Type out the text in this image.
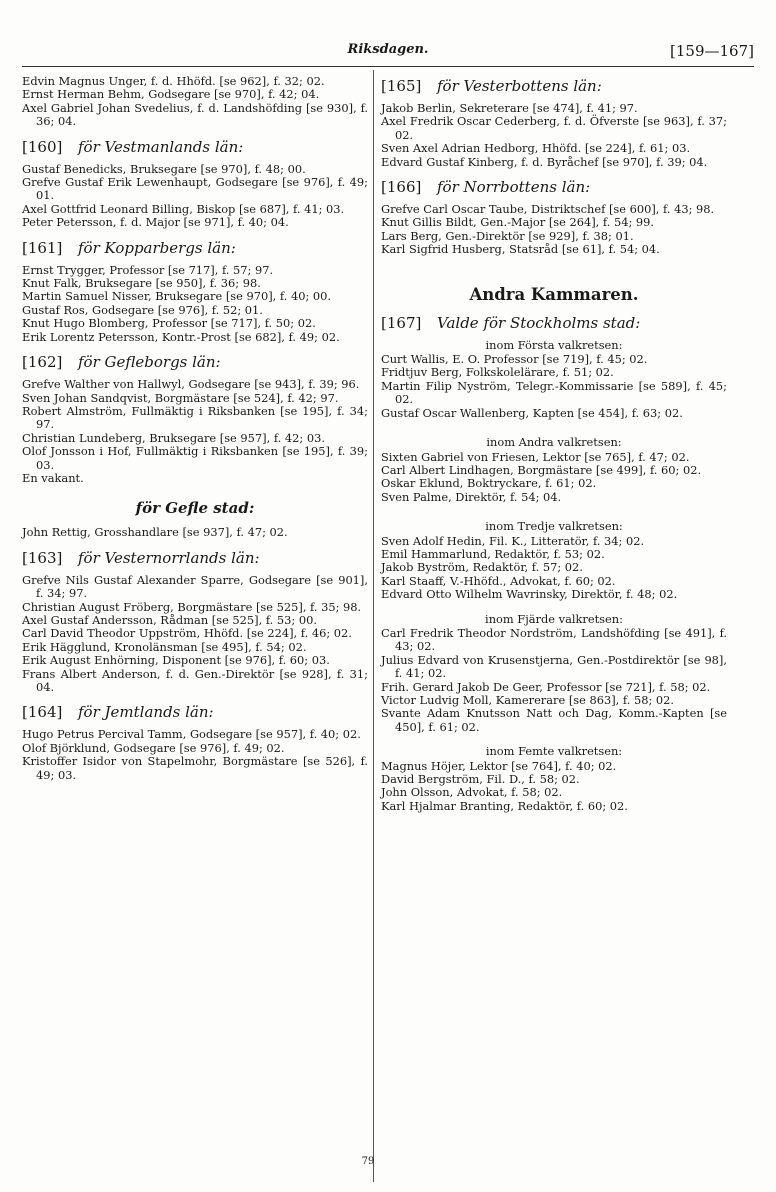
Riksdagen.	[159—167]
Edvin Magnus Unger, f. d. Hhöfd. [se 962], f. 32; 02.
Ernst Herman Behm, Godsegare [se 970], f. 42; 04.
Axel Gabriel Johan Svedelius, f. d. Landshöfding [se 930], f. 36; 04.
[160]	för Vestmanlands län:
Gustaf Benedicks, Bruksegare [se 970], f. 48; 00.
Grefve Gustaf Erik Lewenhaupt, Godsegare [se 976], f. 49; 01.
Axel Gottfrid Leonard Billing, Biskop [se 687], f. 41; 03.
Peter Petersson, f. d. Major [se 971], f. 40; 04.
[161]	för Kopparbergs län:
Ernst Trygger, Professor [se 717], f. 57; 97.
Knut Falk, Bruksegare [se 950], f. 36; 98.
Martin Samuel Nisser, Bruksegare [se 970], f. 40; 00.
Gustaf Ros, Godsegare [se 976], f. 52; 01.
Knut Hugo Blomberg, Professor [se 717], f. 50; 02.
Erik Lorentz Petersson, Kontr.-Prost [se 682], f. 49; 02.
[162]	för Gefleborgs län:
Grefve Walther von Hallwyl, Godsegare [se 943], f. 39; 96.
Sven Johan Sandqvist, Borgmästare [se 524], f. 42; 97.
Robert Almström, Fullmäktig i Riksbanken [se 195], f. 34; 97.
Christian Lundeberg, Bruksegare [se 957], f. 42; 03.
Olof Jonsson i Hof, Fullmäktig i Riksbanken [se 195], f. 39; 03.
En vakant.
för Gefle stad:
John Rettig, Grosshandlare [se 937], f. 47; 02.
[163]	för Vesternorrlands län:
Grefve Nils Gustaf Alexander Sparre, Godsegare [se 901], f. 34; 97.
Christian August Fröberg, Borgmästare [se 525], f. 35; 98.
Axel Gustaf Andersson, Rådman [se 525], f. 53; 00.
Carl David Theodor Uppström, Hhöfd. [se 224], f. 46; 02.
Erik Hägglund, Kronolänsman [se 495], f. 54; 02.
Erik August Enhörning, Disponent [se 976], f. 60; 03.
Frans Albert Anderson, f. d. Gen.-Direktör [se 928], f. 31; 04.
[164]	för Jemtlands län:
Hugo Petrus Percival Tamm, Godsegare [se 957], f. 40; 02.
Olof Björklund, Godsegare [se 976], f. 49; 02.
Kristoffer Isidor von Stapelmohr, Borgmästare [se 526], f. 49; 03.
[165]	för Vesterbottens län:
Jakob Berlin, Sekreterare [se 474], f. 41; 97.
Axel Fredrik Oscar Cederberg, f. d. Öfverste [se 963], f. 37; 02.
Sven Axel Adrian Hedborg, Hhöfd. [se 224], f. 61; 03.
Edvard Gustaf Kinberg, f. d. Byråchef [se 970], f. 39; 04.
[166]	för Norrbottens län:
Grefve Carl Oscar Taube, Distriktschef [se 600], f. 43; 98.
Knut Gillis Bildt, Gen.-Major [se 264], f. 54; 99.
Lars Berg, Gen.-Direktör [se 929], f. 38; 01.
Karl Sigfrid Husberg, Statsråd [se 61], f. 54; 04.
Andra Kammaren.
[167]	Valde för Stockholms stad:
inom Första valkretsen:
Curt Wallis, E. O. Professor [se 719], f. 45; 02.
Fridtjuv Berg, Folkskolelärare, f. 51; 02.
Martin Filip Nyström, Telegr.-Kommissarie [se 589], f. 45; 02.
Gustaf Oscar Wallenberg, Kapten [se 454], f. 63; 02.
inom Andra valkretsen:
Sixten Gabriel von Friesen, Lektor [se 765], f. 47; 02.
Carl Albert Lindhagen, Borgmästare [se 499], f. 60; 02.
Oskar Eklund, Boktryckare, f. 61; 02.
Sven Palme, Direktör, f. 54; 04.
inom Tredje valkretsen:
Sven Adolf Hedin, Fil. K., Litteratör, f. 34; 02.
Emil Hammarlund, Redaktör, f. 53; 02.
Jakob Byström, Redaktör, f. 57; 02.
Karl Staaff, V.-Hhöfd., Advokat, f. 60; 02.
Edvard Otto Wilhelm Wavrinsky, Direktör, f. 48; 02.
inom Fjärde valkretsen:
Carl Fredrik Theodor Nordström, Landshöfding [se 491], f. 43; 02.
Julius Edvard von Krusenstjerna, Gen.-Postdirektör [se 98], f. 41; 02.
Frih. Gerard Jakob De Geer, Professor [se 721], f. 58; 02.
Victor Ludvig Moll, Kamererare [se 863], f. 58; 02.
Svante Adam Knutsson Natt och Dag, Komm.-Kapten [se 450], f. 61; 02.
inom Femte valkretsen:
Magnus Höjer, Lektor [se 764], f. 40; 02.
David Bergström, Fil. D., f. 58; 02.
John Olsson, Advokat, f. 58; 02.
Karl Hjalmar Branting, Redaktör, f. 60; 02.
79
